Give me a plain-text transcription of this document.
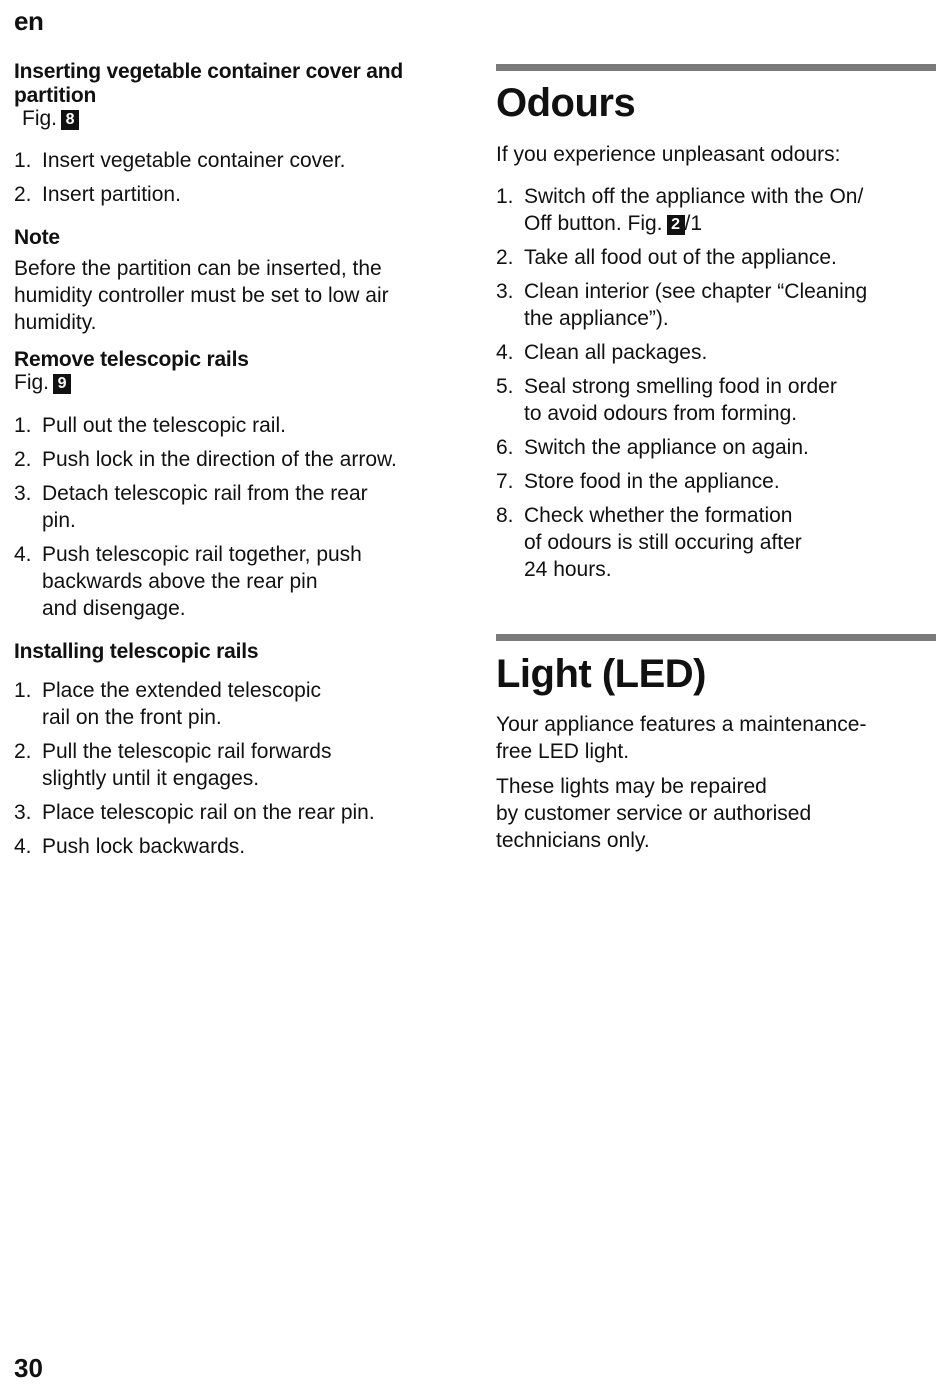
en
Inserting vegetable container cover and
partition
Fig. 8
1. Insert vegetable container cover.
2. Insert partition.
Note
Before the partition can be inserted, the
humidity controller must be set to low air
humidity.
Remove telescopic rails
Fig. 9
1. Pull out the telescopic rail.
2. Push lock in the direction of the arrow.
3. Detach telescopic rail from the rear
pin.
4. Push telescopic rail together, push
backwards above the rear pin
and disengage.
Installing telescopic rails
1. Place the extended telescopic
rail on the front pin.
2. Pull the telescopic rail forwards
slightly until it engages.
3. Place telescopic rail on the rear pin.
4. Push lock backwards.
Odours
If you experience unpleasant odours:
1. Switch off the appliance with the On/
Off button. Fig. 2 /1
2. Take all food out of the appliance.
3. Clean interior (see chapter “Cleaning
the appliance”).
4. Clean all packages.
5. Seal strong smelling food in order
to avoid odours from forming.
6. Switch the appliance on again.
7. Store food in the appliance.
8. Check whether the formation
of odours is still occuring after
24 hours.
Light (LED)
Your appliance features a maintenance-
free LED light.
These lights may be repaired
by customer service or authorised
technicians only.
30
